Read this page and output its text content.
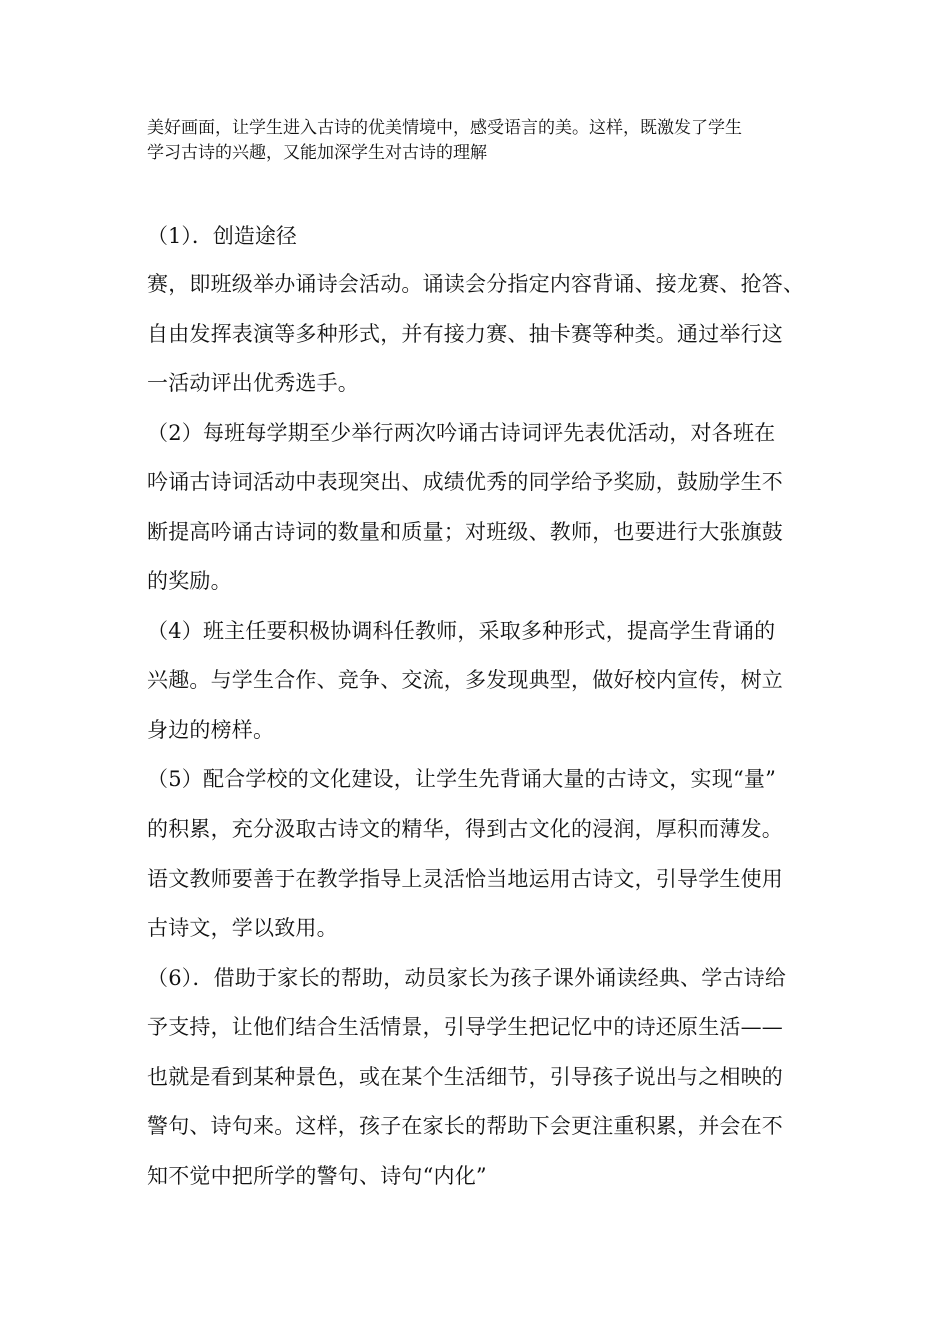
美好画面，让学生进入古诗的优美情境中，感受语言的美。这样，既激发了学生

学习古诗的兴趣，又能加深学生对古诗的理解

（1）．创造途径
赛，即班级举办诵诗会活动。诵读会分指定内容背诵、接龙赛、抢答、
自由发挥表演等多种形式，并有接力赛、抽卡赛等种类。通过举行这
一活动评出优秀选手。
（2）每班每学期至少举行两次吟诵古诗词评先表优活动，对各班在
吟诵古诗词活动中表现突出、成绩优秀的同学给予奖励，鼓励学生不
断提高吟诵古诗词的数量和质量；对班级、教师，也要进行大张旗鼓
的奖励。
（4）班主任要积极协调科任教师，采取多种形式，提高学生背诵的
兴趣。与学生合作、竞争、交流，多发现典型，做好校内宣传，树立
身边的榜样。
（5）配合学校的文化建设，让学生先背诵大量的古诗文，实现“量”
的积累，充分汲取古诗文的精华，得到古文化的浸润，厚积而薄发。
语文教师要善于在教学指导上灵活恰当地运用古诗文，引导学生使用
古诗文，学以致用。
（6）．借助于家长的帮助，动员家长为孩子课外诵读经典、学古诗给
予支持，让他们结合生活情景，引导学生把记忆中的诗还原生活——
也就是看到某种景色，或在某个生活细节，引导孩子说出与之相映的
警句、诗句来。这样，孩子在家长的帮助下会更注重积累，并会在不
知不觉中把所学的警句、诗句“内化”
